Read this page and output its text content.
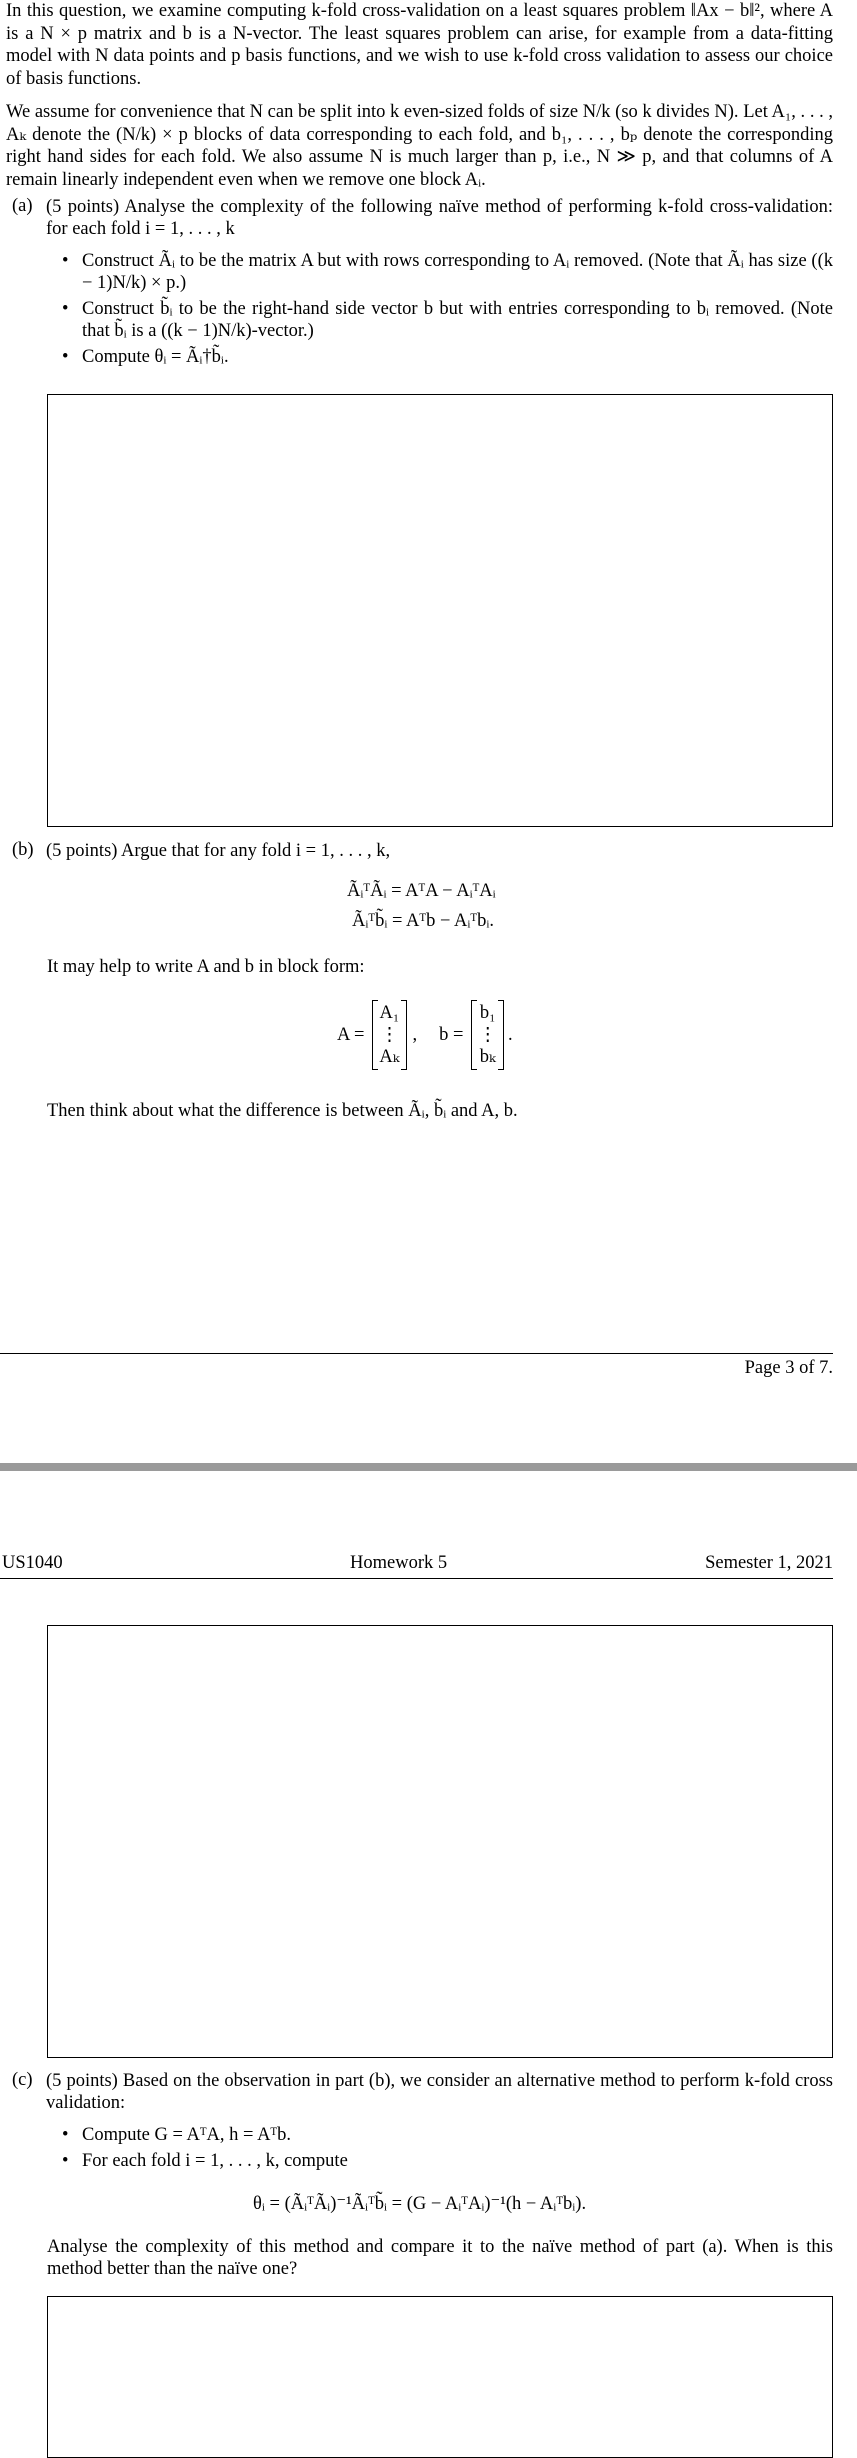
In this question, we examine computing k-fold cross-validation on a least squares problem ‖Ax − b‖², where A is a N × p matrix and b is a N-vector. The least squares problem can arise, for example from a data-fitting model with N data points and p basis functions, and we wish to use k-fold cross validation to assess our choice of basis functions.
We assume for convenience that N can be split into k even-sized folds of size N/k (so k divides N). Let A₁, . . . , Aₖ denote the (N/k) × p blocks of data corresponding to each fold, and b₁, . . . , bₚ denote the corresponding right hand sides for each fold. We also assume N is much larger than p, i.e., N ≫ p, and that columns of A remain linearly independent even when we remove one block Aᵢ.
(a) (5 points) Analyse the complexity of the following naïve method of performing k-fold cross-validation: for each fold i = 1, . . . , k
• Construct Ãᵢ to be the matrix A but with rows corresponding to Aᵢ removed. (Note that Ãᵢ has size ((k − 1)N/k) × p.)
• Construct b̃ᵢ to be the right-hand side vector b but with entries corresponding to bᵢ removed. (Note that b̃ᵢ is a ((k − 1)N/k)-vector.)
• Compute θᵢ = Ãᵢ†b̃ᵢ.
(b) (5 points) Argue that for any fold i = 1, . . . , k,
ÃᵢᵀÃᵢ = AᵀA − AᵢᵀAᵢ
Ãᵢᵀb̃ᵢ = Aᵀb − Aᵢᵀbᵢ.
It may help to write A and b in block form:
A =
A₁
⋮
Aₖ
, b =
b₁
⋮
bₖ
.
Then think about what the difference is between Ãᵢ, b̃ᵢ and A, b.
Page 3 of 7.
US1040	Homework 5	Semester 1, 2021
(c) (5 points) Based on the observation in part (b), we consider an alternative method to perform k-fold cross validation:
• Compute G = AᵀA, h = Aᵀb.
• For each fold i = 1, . . . , k, compute
θᵢ = (ÃᵢᵀÃᵢ)⁻¹Ãᵢᵀb̃ᵢ = (G − AᵢᵀAᵢ)⁻¹(h − Aᵢᵀbᵢ).
Analyse the complexity of this method and compare it to the naïve method of part (a). When is this method better than the naïve one?
